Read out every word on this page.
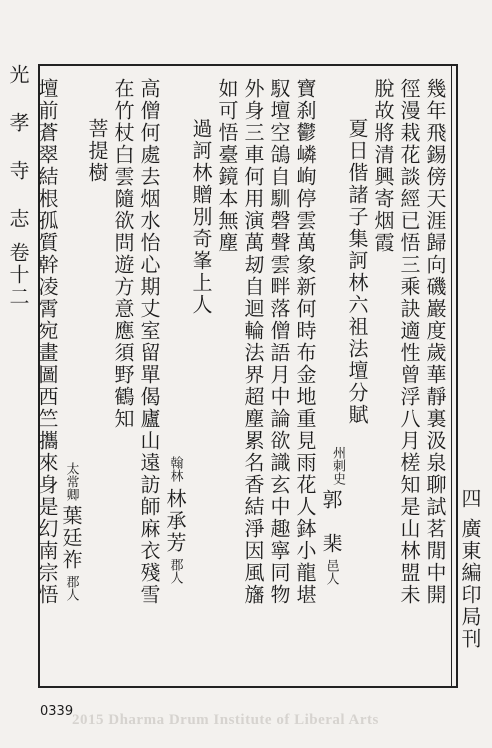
光 孝 寺 志
卷十二
四
廣東編印局刊
幾年飛錫傍天涯歸向磯巖度歲華靜裏汲泉聊試茗閒中開
徑漫栽花談經已悟三乘訣適性曾浮八月槎知是山林盟未
脫故將清興寄烟霞
夏日偕諸子集訶林六祖法壇分賦
州刺史
郭　棐
邑人
寶刹鬱嶙峋停雲萬象新何時布金地重見雨花人鉢小龍堪
馭壇空鴿自馴磬聲雲畔落僧語月中論欲識玄中趣寧同物
外身三車何用演萬刼自迴輪法界超塵累名香結淨因風旛
如可悟臺鏡本無塵
過訶林贈別奇峯上人
翰林
林承芳
郡人
高僧何處去烟水怡心期丈室留單偈廬山遠訪師麻衣殘雪
在竹杖白雲隨欲問遊方意應須野鶴知
菩提樹
太常卿
葉廷祚
郡人
壇前蒼翠結根孤質幹凌霄宛畫圖西竺攜來身是幻南宗悟
0339
2015 Dharma Drum Institute of Liberal Arts
